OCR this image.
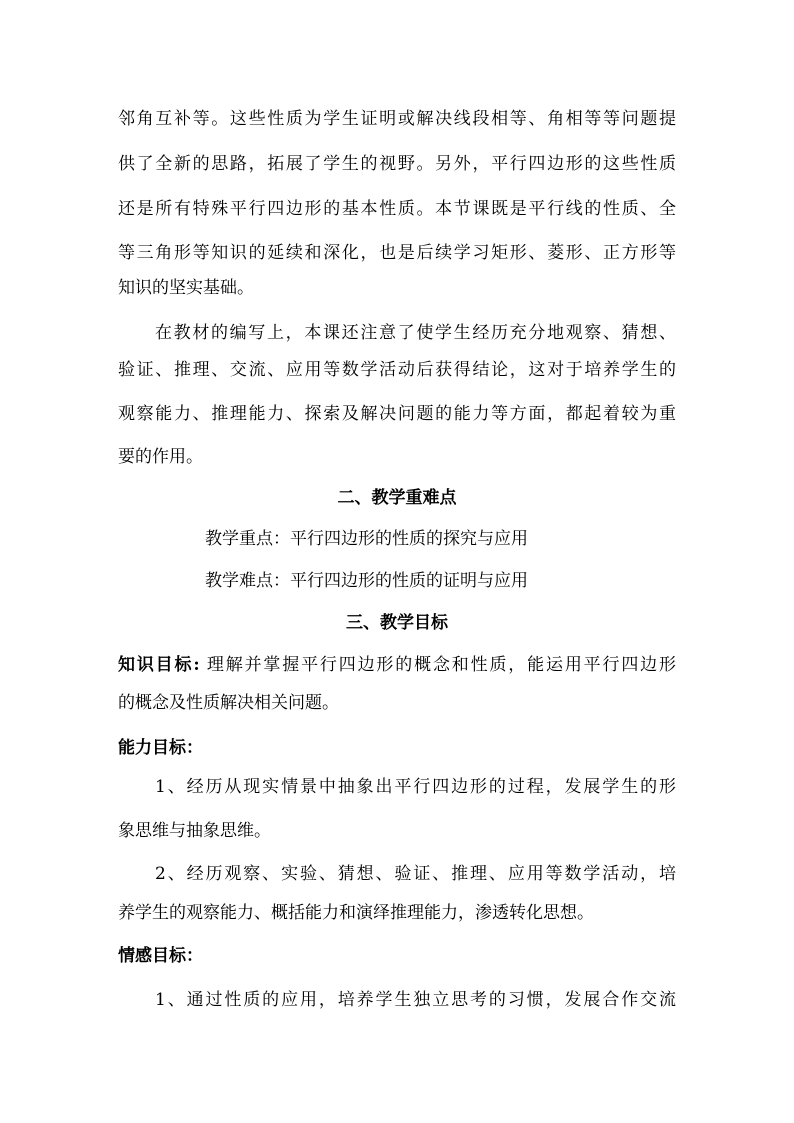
邻角互补等。这些性质为学生证明或解决线段相等、角相等等问题提
供了全新的思路，拓展了学生的视野。另外，平行四边形的这些性质
还是所有特殊平行四边形的基本性质。本节课既是平行线的性质、全
等三角形等知识的延续和深化，也是后续学习矩形、菱形、正方形等
知识的坚实基础。
在教材的编写上，本课还注意了使学生经历充分地观察、猜想、
验证、推理、交流、应用等数学活动后获得结论，这对于培养学生的
观察能力、推理能力、探索及解决问题的能力等方面，都起着较为重
要的作用。
二、教学重难点
教学重点：平行四边形的性质的探究与应用
教学难点：平行四边形的性质的证明与应用
三、教学目标
知识目标: 理解并掌握平行四边形的概念和性质，能运用平行四边形
的概念及性质解决相关问题。
能力目标：
1、经历从现实情景中抽象出平行四边形的过程，发展学生的形
象思维与抽象思维。
2、经历观察、实验、猜想、验证、推理、应用等数学活动，培
养学生的观察能力、概括能力和演绎推理能力，渗透转化思想。
情感目标：
1、通过性质的应用，培养学生独立思考的习惯，发展合作交流
